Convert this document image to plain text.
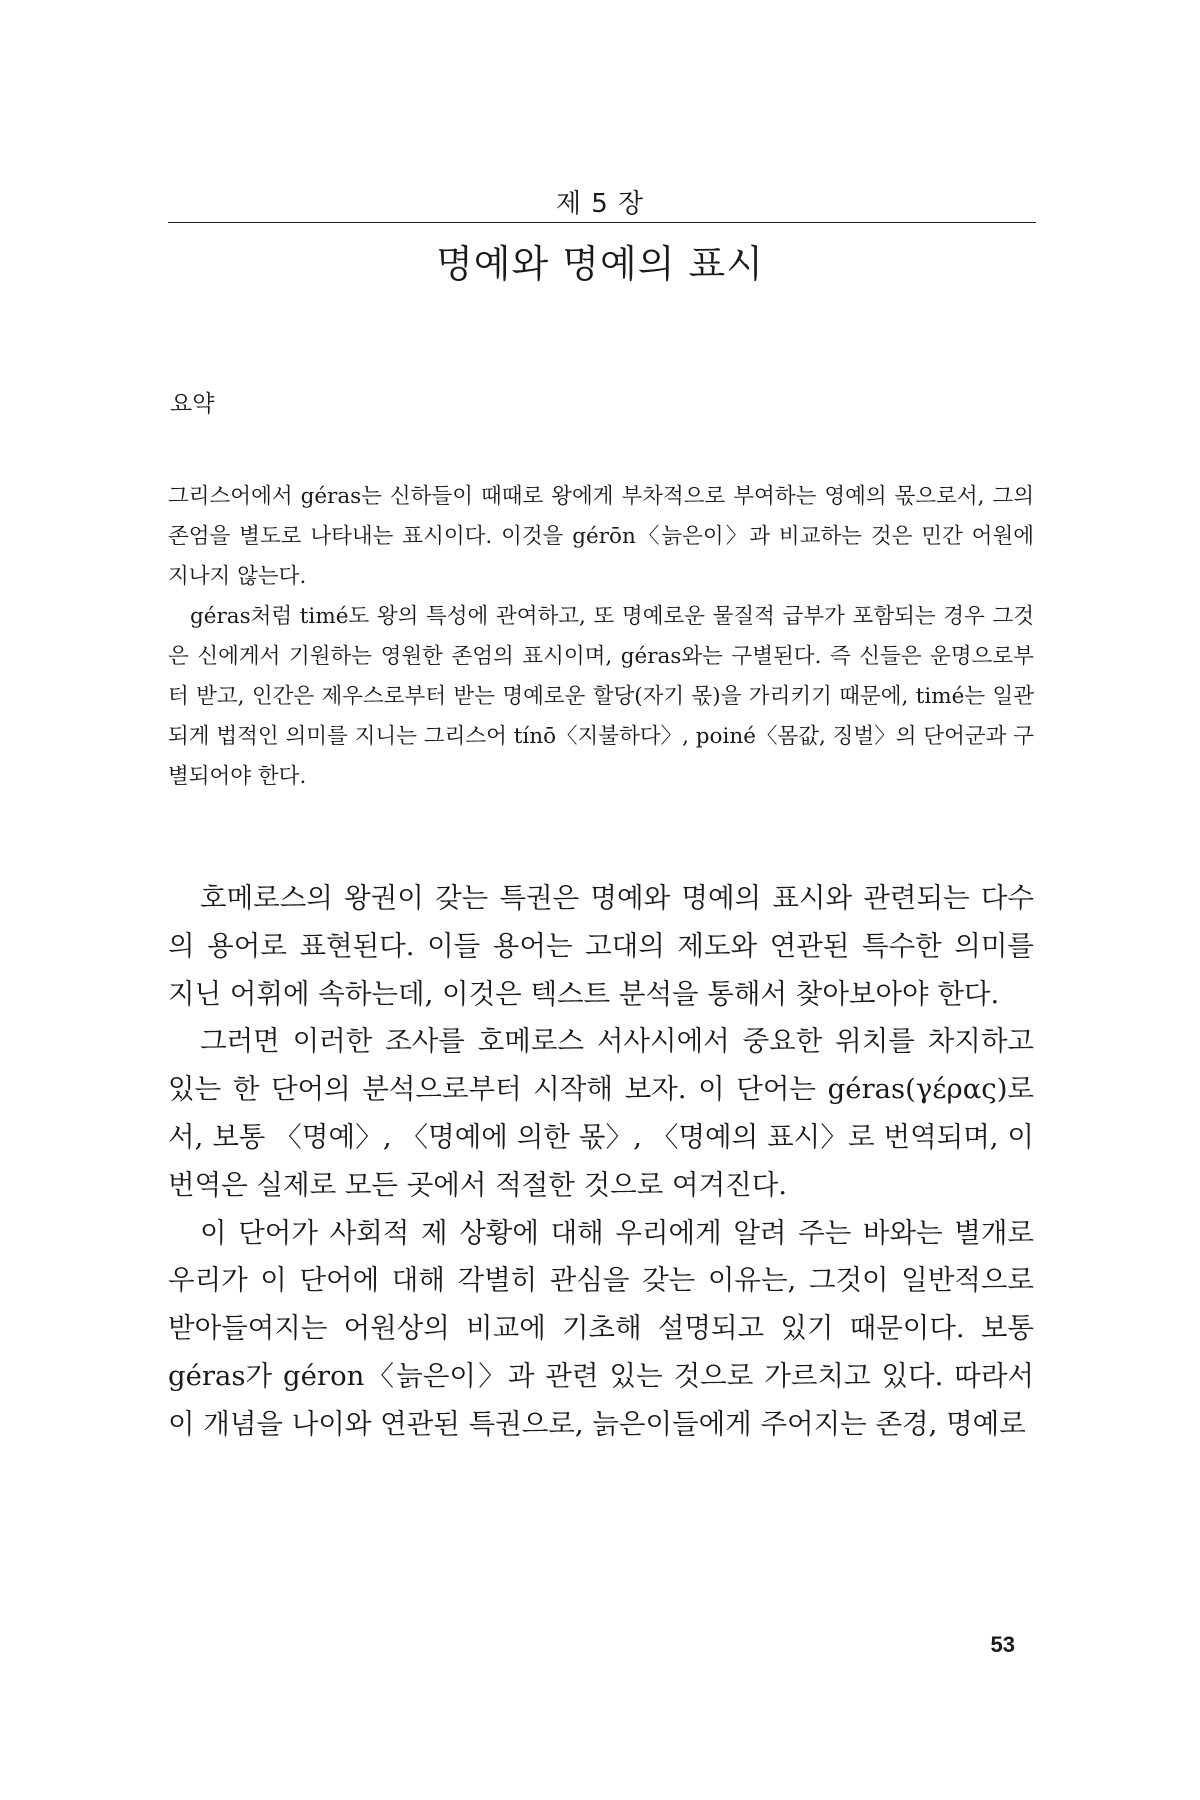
제 5 장
명예와 명예의 표시
요약

그리스어에서 géras는 신하들이 때때로 왕에게 부차적으로 부여하는 영예의 몫으로서, 그의 존엄을 별도로 나타내는 표시이다. 이것을 gérōn〈늙은이〉과 비교하는 것은 민간 어원에 지나지 않는다.

géras처럼 timé도 왕의 특성에 관여하고, 또 명예로운 물질적 급부가 포함되는 경우 그것은 신에게서 기원하는 영원한 존엄의 표시이며, géras와는 구별된다. 즉 신들은 운명으로부터 받고, 인간은 제우스로부터 받는 명예로운 할당(자기 몫)을 가리키기 때문에, timé는 일관되게 법적인 의미를 지니는 그리스어 tínō〈지불하다〉, poiné〈몸값, 징벌〉의 단어군과 구별되어야 한다.

호메로스의 왕권이 갖는 특권은 명예와 명예의 표시와 관련되는 다수의 용어로 표현된다. 이들 용어는 고대의 제도와 연관된 특수한 의미를 지닌 어휘에 속하는데, 이것은 텍스트 분석을 통해서 찾아보아야 한다.

그러면 이러한 조사를 호메로스 서사시에서 중요한 위치를 차지하고 있는 한 단어의 분석으로부터 시작해 보자. 이 단어는 géras(γέρας)로서, 보통 〈명예〉, 〈명예에 의한 몫〉, 〈명예의 표시〉로 번역되며, 이 번역은 실제로 모든 곳에서 적절한 것으로 여겨진다.

이 단어가 사회적 제 상황에 대해 우리에게 알려 주는 바와는 별개로 우리가 이 단어에 대해 각별히 관심을 갖는 이유는, 그것이 일반적으로 받아들여지는 어원상의 비교에 기초해 설명되고 있기 때문이다. 보통 géras가 géron〈늙은이〉과 관련 있는 것으로 가르치고 있다. 따라서 이 개념을 나이와 연관된 특권으로, 늙은이들에게 주어지는 존경, 명예로

53
